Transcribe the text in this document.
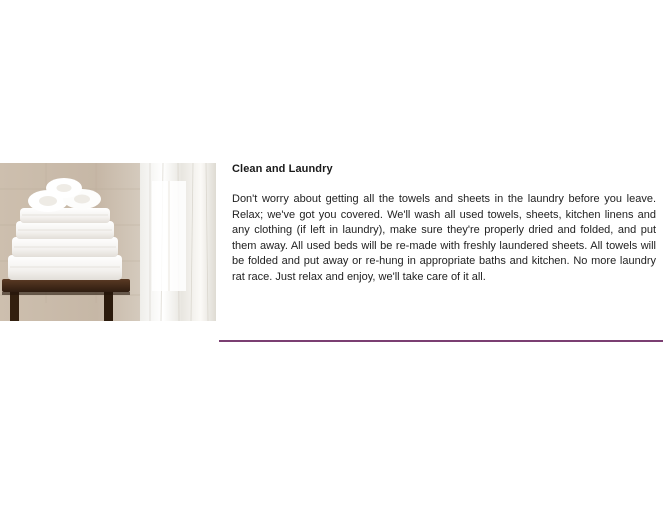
Clean and Laundry

Don't worry about getting all the towels and sheets in the laundry before you leave. Relax; we've got you covered. We'll wash all used towels, sheets, kitchen linens and any clothing (if left in laundry), make sure they're properly dried and folded, and put them away. All used beds will be re-made with freshly laundered sheets. All towels will be folded and put away or re-hung in appropriate baths and kitchen. No more laundry rat race. Just relax and enjoy, we'll take care of it all.
